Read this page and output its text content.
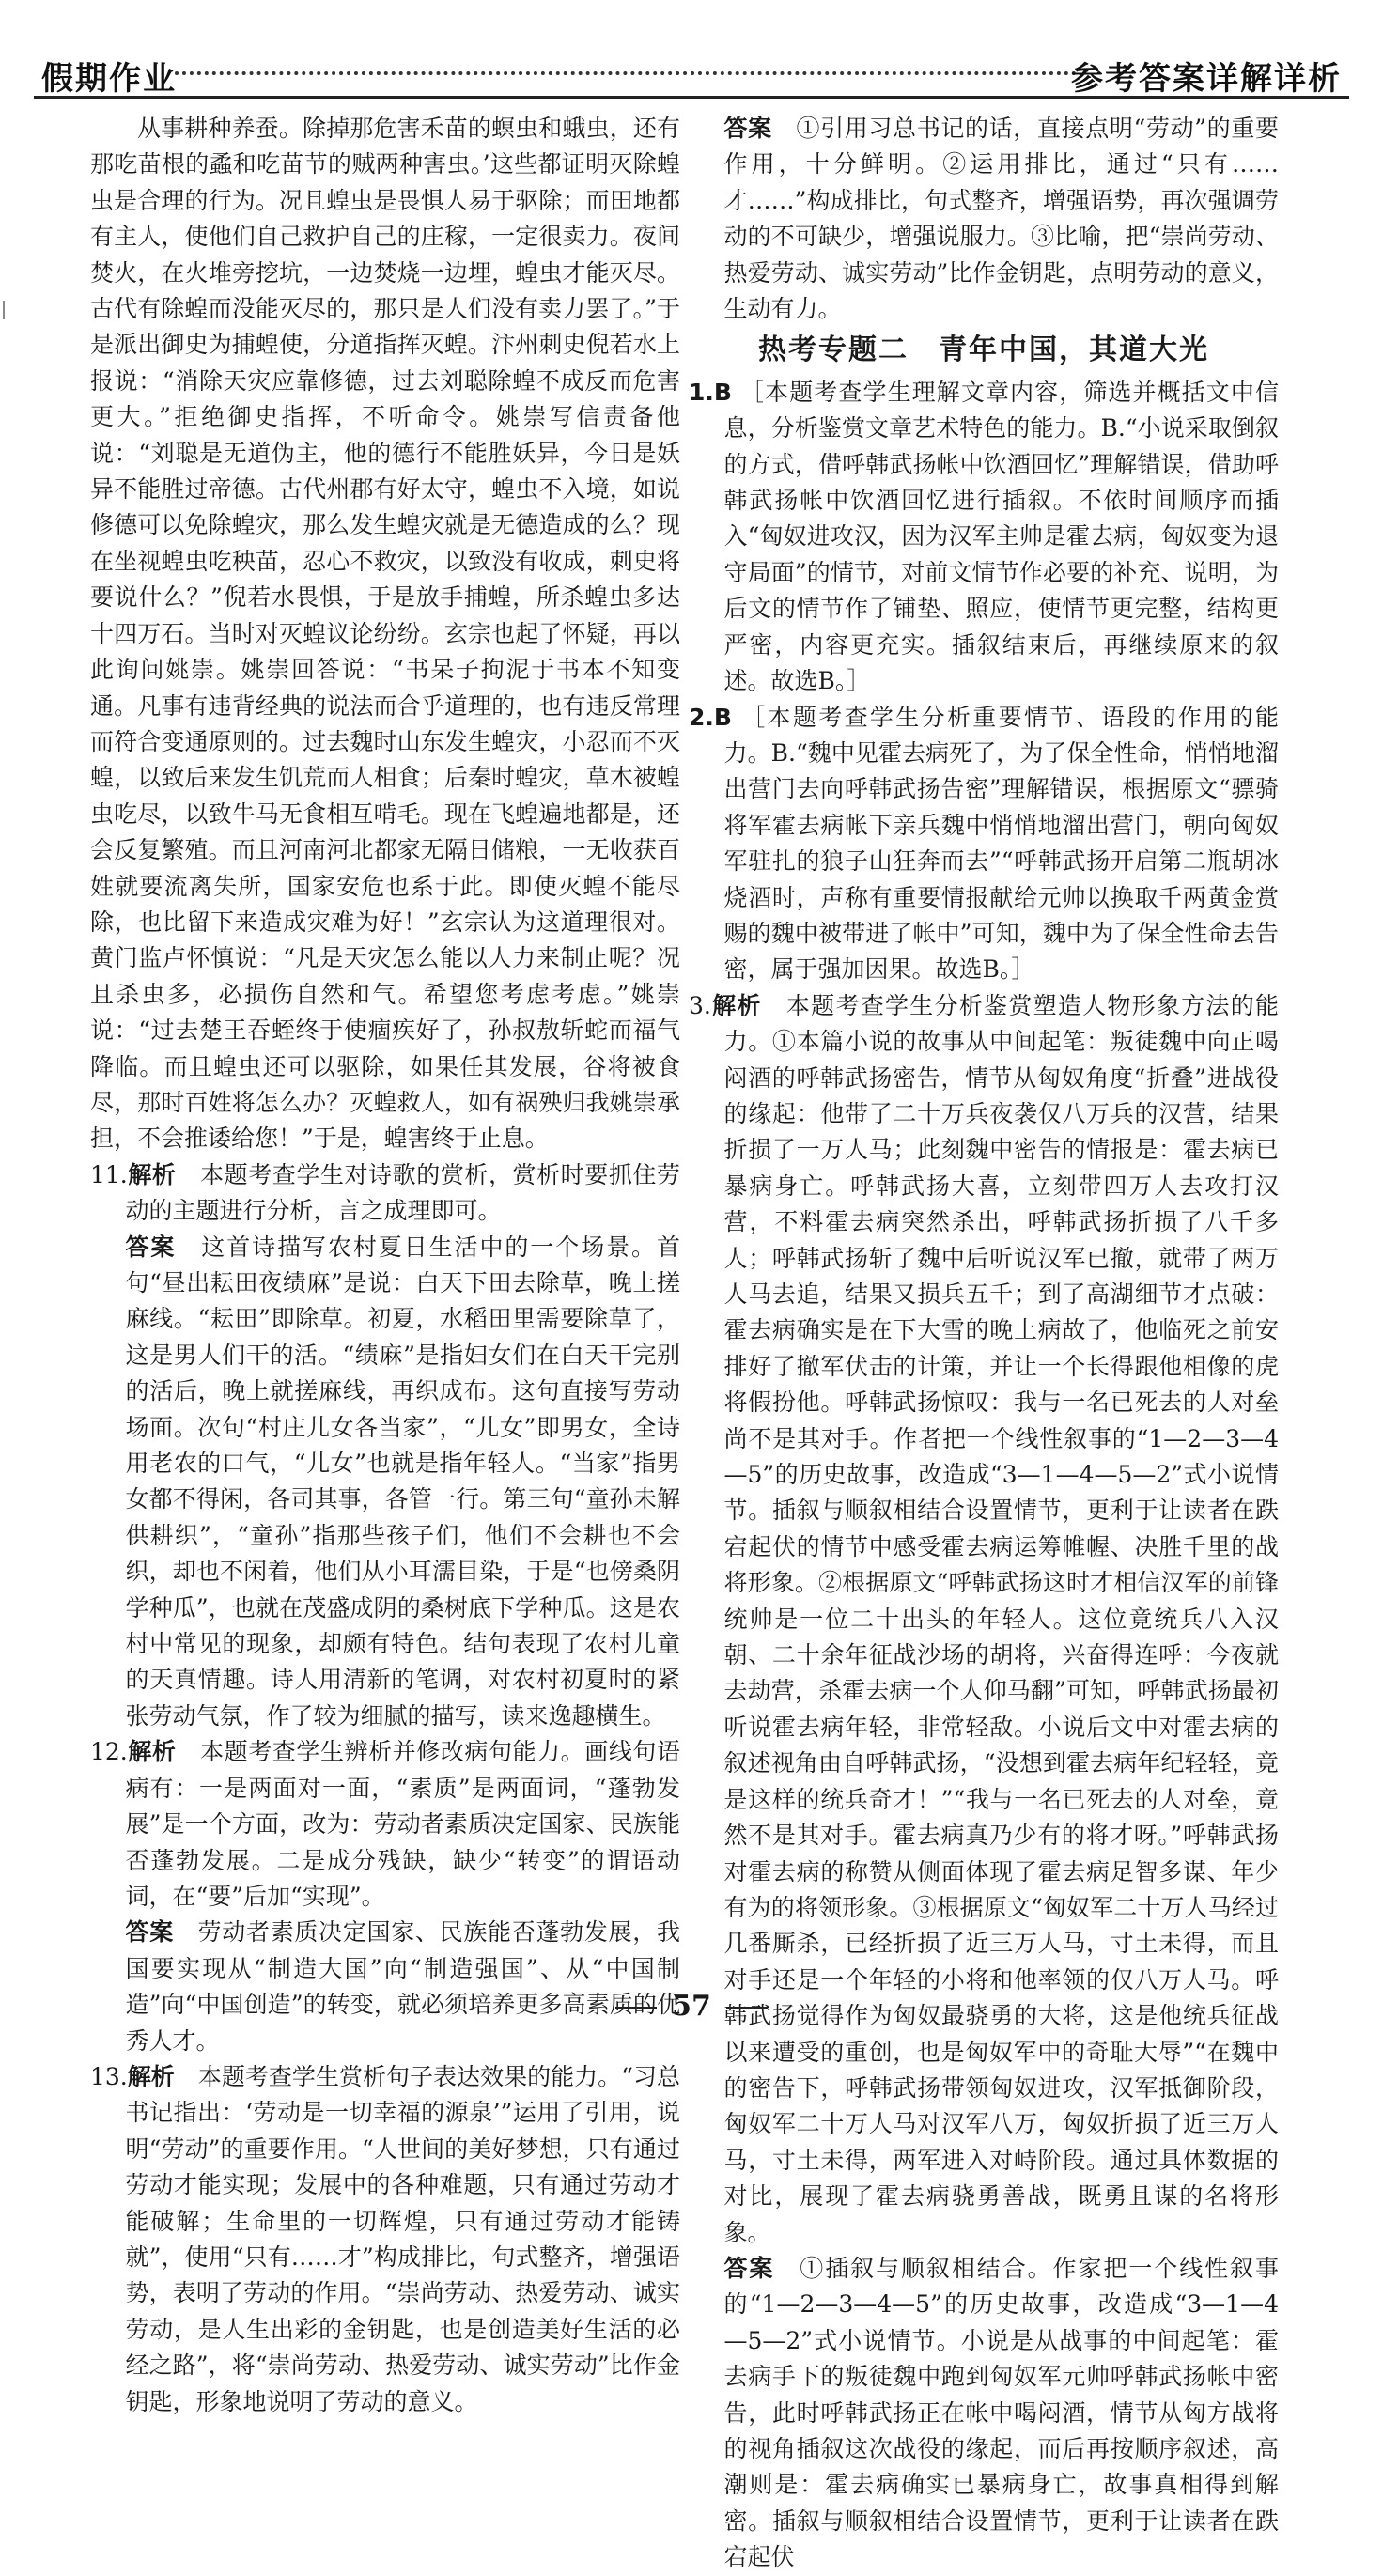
假期作业	参考答案详解详析

从事耕种养蚕。除掉那危害禾苗的螟虫和蛾虫，还有那吃苗根的蟊和吃苗节的贼两种害虫。’这些都证明灭除蝗虫是合理的行为。况且蝗虫是畏惧人易于驱除；而田地都有主人，使他们自己救护自己的庄稼，一定很卖力。夜间焚火，在火堆旁挖坑，一边焚烧一边埋，蝗虫才能灭尽。古代有除蝗而没能灭尽的，那只是人们没有卖力罢了。”于是派出御史为捕蝗使，分道指挥灭蝗。汴州刺史倪若水上报说：“消除天灾应靠修德，过去刘聪除蝗不成反而危害更大。”拒绝御史指挥，不听命令。姚崇写信责备他说：“刘聪是无道伪主，他的德行不能胜妖异，今日是妖异不能胜过帝德。古代州郡有好太守，蝗虫不入境，如说修德可以免除蝗灾，那么发生蝗灾就是无德造成的么？现在坐视蝗虫吃秧苗，忍心不救灾，以致没有收成，刺史将要说什么？”倪若水畏惧，于是放手捕蝗，所杀蝗虫多达十四万石。当时对灭蝗议论纷纷。玄宗也起了怀疑，再以此询问姚崇。姚崇回答说：“书呆子拘泥于书本不知变通。凡事有违背经典的说法而合乎道理的，也有违反常理而符合变通原则的。过去魏时山东发生蝗灾，小忍而不灭蝗，以致后来发生饥荒而人相食；后秦时蝗灾，草木被蝗虫吃尽，以致牛马无食相互啃毛。现在飞蝗遍地都是，还会反复繁殖。而且河南河北都家无隔日储粮，一无收获百姓就要流离失所，国家安危也系于此。即使灭蝗不能尽除，也比留下来造成灾难为好！”玄宗认为这道理很对。黄门监卢怀慎说：“凡是天灾怎么能以人力来制止呢？况且杀虫多，必损伤自然和气。希望您考虑考虑。”姚崇说：“过去楚王吞蛭终于使痼疾好了，孙叔敖斩蛇而福气降临。而且蝗虫还可以驱除，如果任其发展，谷将被食尽，那时百姓将怎么办？灭蝗救人，如有祸殃归我姚崇承担，不会推诿给您！”于是，蝗害终于止息。

11.解析　 本题考查学生对诗歌的赏析，赏析时要抓住劳动的主题进行分析，言之成理即可。

答案　 这首诗描写农村夏日生活中的一个场景。首句“昼出耘田夜绩麻”是说：白天下田去除草，晚上搓麻线。“耘田”即除草。初夏，水稻田里需要除草了，这是男人们干的活。“绩麻”是指妇女们在白天干完别的活后，晚上就搓麻线，再织成布。这句直接写劳动场面。次句“村庄儿女各当家”，“儿女”即男女，全诗用老农的口气，“儿女”也就是指年轻人。“当家”指男女都不得闲，各司其事，各管一行。第三句“童孙未解供耕织”，“童孙”指那些孩子们，他们不会耕也不会织，却也不闲着，他们从小耳濡目染，于是“也傍桑阴学种瓜”，也就在茂盛成阴的桑树底下学种瓜。这是农村中常见的现象，却颇有特色。结句表现了农村儿童的天真情趣。诗人用清新的笔调，对农村初夏时的紧张劳动气氛，作了较为细腻的描写，读来逸趣横生。

12.解析　 本题考查学生辨析并修改病句能力。画线句语病有：一是两面对一面，“素质”是两面词，“蓬勃发展”是一个方面，改为：劳动者素质决定国家、民族能否蓬勃发展。二是成分残缺，缺少“转变”的谓语动词，在“要”后加“实现”。

答案　 劳动者素质决定国家、民族能否蓬勃发展，我国要实现从“制造大国”向“制造强国”、从“中国制造”向“中国创造”的转变，就必须培养更多高素质的优秀人才。

13.解析　 本题考查学生赏析句子表达效果的能力。“习总书记指出：‘劳动是一切幸福的源泉’”运用了引用，说明“劳动”的重要作用。“人世间的美好梦想，只有通过劳动才能实现；发展中的各种难题，只有通过劳动才能破解；生命里的一切辉煌，只有通过劳动才能铸就”，使用“只有……才”构成排比，句式整齐，增强语势，表明了劳动的作用。“崇尚劳动、热爱劳动、诚实劳动，是人生出彩的金钥匙，也是创造美好生活的必经之路”，将“崇尚劳动、热爱劳动、诚实劳动”比作金钥匙，形象地说明了劳动的意义。

答案　 ①引用习总书记的话，直接点明“劳动”的重要作用，十分鲜明。②运用排比，通过“只有……才……”构成排比，句式整齐，增强语势，再次强调劳动的不可缺少，增强说服力。③比喻，把“崇尚劳动、热爱劳动、诚实劳动”比作金钥匙，点明劳动的意义，生动有力。

热考专题二　青年中国，其道大光

1.B ［本题考查学生理解文章内容，筛选并概括文中信息，分析鉴赏文章艺术特色的能力。B.“小说采取倒叙的方式，借呼韩武扬帐中饮酒回忆”理解错误，借助呼韩武扬帐中饮酒回忆进行插叙。不依时间顺序而插入“匈奴进攻汉，因为汉军主帅是霍去病，匈奴变为退守局面”的情节，对前文情节作必要的补充、说明，为后文的情节作了铺垫、照应，使情节更完整，结构更严密，内容更充实。插叙结束后，再继续原来的叙述。故选B。］

2.B ［本题考查学生分析重要情节、语段的作用的能力。B.“魏中见霍去病死了，为了保全性命，悄悄地溜出营门去向呼韩武扬告密”理解错误，根据原文“骠骑将军霍去病帐下亲兵魏中悄悄地溜出营门，朝向匈奴军驻扎的狼子山狂奔而去”“呼韩武扬开启第二瓶胡冰烧酒时，声称有重要情报献给元帅以换取千两黄金赏赐的魏中被带进了帐中”可知，魏中为了保全性命去告密，属于强加因果。故选B。］

3.解析　 本题考查学生分析鉴赏塑造人物形象方法的能力。①本篇小说的故事从中间起笔：叛徒魏中向正喝闷酒的呼韩武扬密告，情节从匈奴角度“折叠”进战役的缘起：他带了二十万兵夜袭仅八万兵的汉营，结果折损了一万人马；此刻魏中密告的情报是：霍去病已暴病身亡。呼韩武扬大喜，立刻带四万人去攻打汉营，不料霍去病突然杀出，呼韩武扬折损了八千多人；呼韩武扬斩了魏中后听说汉军已撤，就带了两万人马去追，结果又损兵五千；到了高湖细节才点破：霍去病确实是在下大雪的晚上病故了，他临死之前安排好了撤军伏击的计策，并让一个长得跟他相像的虎将假扮他。呼韩武扬惊叹：我与一名已死去的人对垒尚不是其对手。作者把一个线性叙事的“1—2—3—4—5”的历史故事，改造成“3—1—4—5—2”式小说情节。插叙与顺叙相结合设置情节，更利于让读者在跌宕起伏的情节中感受霍去病运筹帷幄、决胜千里的战将形象。②根据原文“呼韩武扬这时才相信汉军的前锋统帅是一位二十出头的年轻人。这位竟统兵八入汉朝、二十余年征战沙场的胡将，兴奋得连呼：今夜就去劫营，杀霍去病一个人仰马翻”可知，呼韩武扬最初听说霍去病年轻，非常轻敌。小说后文中对霍去病的叙述视角由自呼韩武扬，“没想到霍去病年纪轻轻，竟是这样的统兵奇才！”“我与一名已死去的人对垒，竟然不是其对手。霍去病真乃少有的将才呀。”呼韩武扬对霍去病的称赞从侧面体现了霍去病足智多谋、年少有为的将领形象。③根据原文“匈奴军二十万人马经过几番厮杀，已经折损了近三万人马，寸土未得，而且对手还是一个年轻的小将和他率领的仅八万人马。呼韩武扬觉得作为匈奴最骁勇的大将，这是他统兵征战以来遭受的重创，也是匈奴军中的奇耻大辱”“在魏中的密告下，呼韩武扬带领匈奴进攻，汉军抵御阶段，匈奴军二十万人马对汉军八万，匈奴折损了近三万人马，寸土未得，两军进入对峙阶段。通过具体数据的对比，展现了霍去病骁勇善战，既勇且谋的名将形象。

答案　 ①插叙与顺叙相结合。作家把一个线性叙事的“1—2—3—4—5”的历史故事，改造成“3—1—4—5—2”式小说情节。小说是从战事的中间起笔：霍去病手下的叛徒魏中跑到匈奴军元帅呼韩武扬帐中密告，此时呼韩武扬正在帐中喝闷酒，情节从匈方战将的视角插叙这次战役的缘起，而后再按顺序叙述，高潮则是：霍去病确实已暴病身亡，故事真相得到解密。插叙与顺叙相结合设置情节，更利于让读者在跌宕起伏

57
